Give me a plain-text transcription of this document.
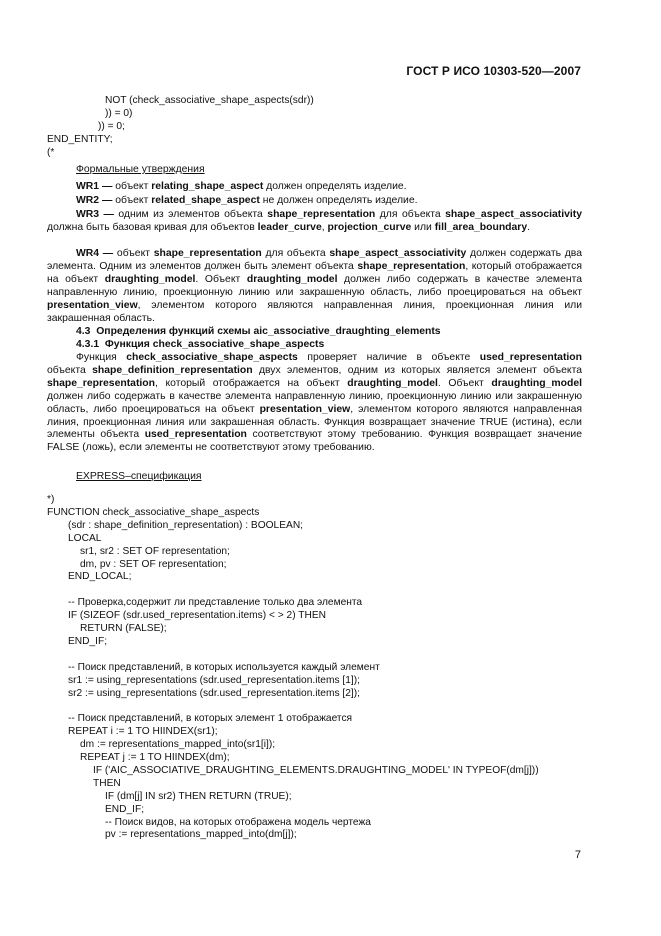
ГОСТ Р ИСО 10303-520—2007
NOT (check_associative_shape_aspects(sdr))
)) = 0)
)) = 0;
END_ENTITY;
(*
Формальные утверждения

WR1 — объект relating_shape_aspect должен определять изделие.

WR2 — объект related_shape_aspect не должен определять изделие.

WR3 — одним из элементов объекта shape_representation для объекта shape_aspect_associativity должна быть базовая кривая для объектов leader_curve, projection_curve или fill_area_boundary.

WR4 — объект shape_representation для объекта shape_aspect_associativity должен содержать два элемента. Одним из элементов должен быть элемент объекта shape_representation, который отображается на объект draughting_model. Объект draughting_model должен либо содержать в качестве элемента направленную линию, проекционную линию или закрашенную область, либо проецироваться на объект presentation_view, элементом которого являются направленная линия, проекционная линия или закрашенная область.

4.3  Определения функций схемы aic_associative_draughting_elements
4.3.1  Функция check_associative_shape_aspects

Функция check_associative_shape_aspects проверяет наличие в объекте used_representation объекта shape_definition_representation двух элементов, одним из которых является элемент объекта shape_representation, который отображается на объект draughting_model. Объект draughting_model должен либо содержать в качестве элемента направленную линию, проекционную линию или закрашенную область, либо проецироваться на объект presentation_view, элементом которого являются направленная линия, проекционная линия или закрашенная область. Функция возвращает значение TRUE (истина), если элементы объекта used_representation соответствуют этому требованию. Функция возвращает значение FALSE (ложь), если элементы не соответствуют этому требованию.

EXPRESS–спецификация
*)
FUNCTION check_associative_shape_aspects
(sdr : shape_definition_representation) : BOOLEAN;
LOCAL
sr1, sr2 : SET OF representation;
dm, pv : SET OF representation;
END_LOCAL;
-- Проверка,содержит ли представление только два элемента
IF (SIZEOF (sdr.used_representation.items) < > 2) THEN
RETURN (FALSE);
END_IF;
-- Поиск представлений, в которых используется каждый элемент
sr1 := using_representations (sdr.used_representation.items [1]);
sr2 := using_representations (sdr.used_representation.items [2]);
-- Поиск представлений, в которых элемент 1 отображается
REPEAT i := 1 TO HIINDEX(sr1);
dm := representations_mapped_into(sr1[i]);
REPEAT j := 1 TO HIINDEX(dm);
IF ('AIC_ASSOCIATIVE_DRAUGHTING_ELEMENTS.DRAUGHTING_MODEL' IN TYPEOF(dm[j]))
THEN
IF (dm[j] IN sr2) THEN RETURN (TRUE);
END_IF;
-- Поиск видов, на которых отображена модель чертежа
pv := representations_mapped_into(dm[j]);
7
